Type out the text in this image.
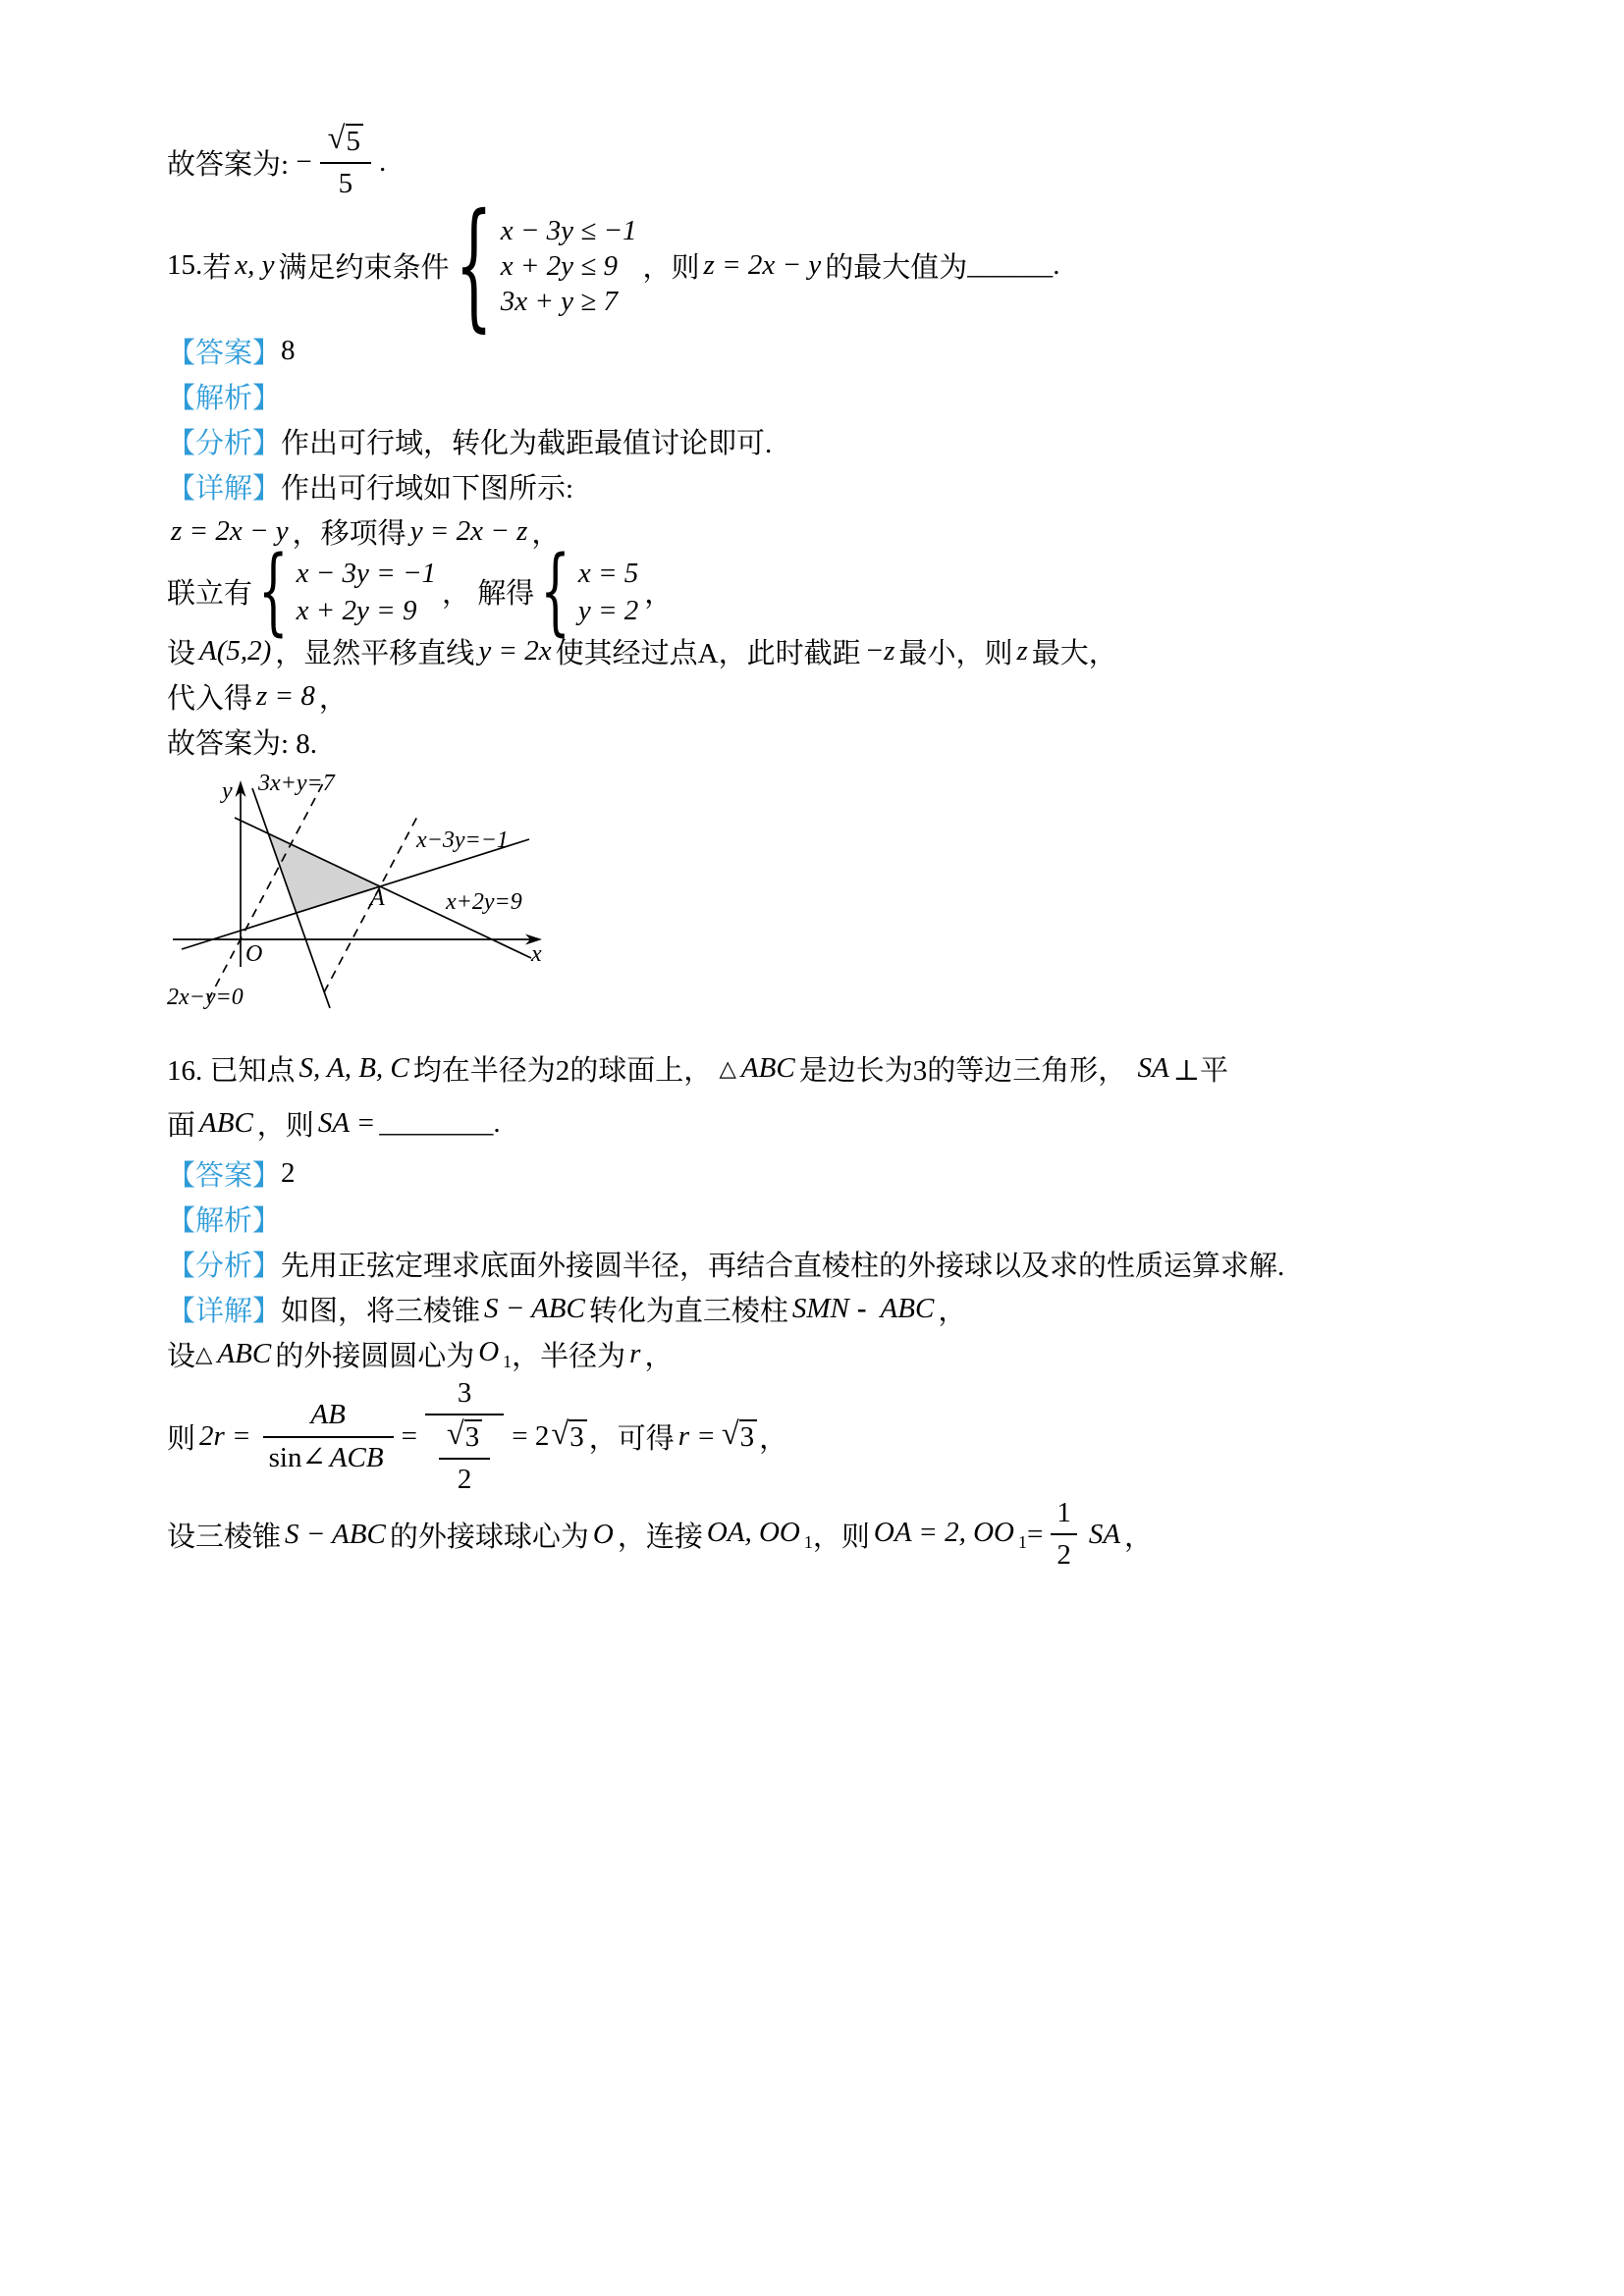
故答案为: − $\frac{√ 5}{5}$ .

15. 若 x, y 满足约束条件 { x − 3y ≤ −1
x + 2y ≤ 9
3x + y ≥ 7
，则 z = 2x − y 的最大值为 ______ .

【答案】 8

【解析】

【分析】 作出可行域，转化为截距最值讨论即可.

【详解】 作出可行域如下图所示:

z = 2x − y ，移项得 y = 2x − z ，

联立有 { x − 3y = −1
x + 2y = 9
， 解得 { x = 5
y = 2
，

设 A(5,2) ，显然平移直线 y = 2x 使其经过点A，此时截距 −z 最小，则 z 最大，

代入得 z = 8 ，

故答案为: 8.

y 3x+y=7
x−3y=−1
x+2y=9
2x−y=0
A
O	x

16. 已知点 S, A, B, C 均在半径为2的球面上， △ ABC 是边长为3的等边三角形， SA ⊥平

面 ABC ，则 SA = ________ .

【答案】 2

【解析】

【分析】 先用正弦定理求底面外接圆半径，再结合直棱柱的外接球以及求的性质运算求解.

【详解】 如图，将三棱锥 S − ABC 转化为直三棱柱 SMN - ABC ，

设 △ ABC 的外接圆圆心为 O $_1$ ，半径为 r ，

则 $2r = \frac{AB}{\text{sin∠ ACB}}$ =
3
$\frac{√ 3}{2} = 2$ √ 3 ，可得 r = √ 3 ，

设三棱锥 S − ABC 的外接球球心为 O ，连接 OA, OO $_1$ ，则 OA = 2, OO $_1 = \frac{1}{2}$ SA ，
